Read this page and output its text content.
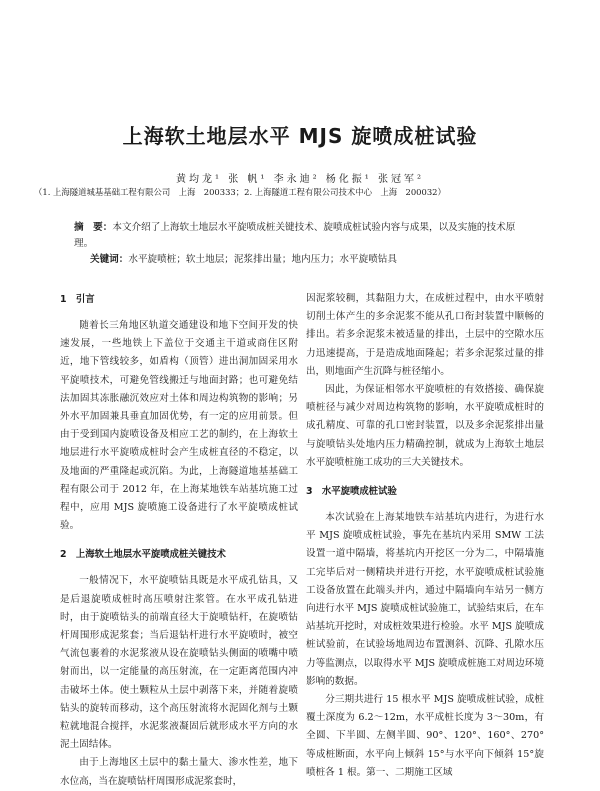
上海软土地层水平 MJS 旋喷成桩试验
黄均龙¹ 张 帆¹ 李永迪² 杨化振¹ 张冠军²
（1. 上海隧道城基基础工程有限公司　上海　200333；2. 上海隧道工程有限公司技术中心　上海　200032）
摘　要：本文介绍了上海软土地层水平旋喷成桩关键技术、旋喷成桩试验内容与成果，以及实施的技术原理。
关键词：水平旋喷桩；软土地层；泥浆排出量；地内压力；水平旋喷钻具

1　引言

随着长三角地区轨道交通建设和地下空间开发的快速发展，一些地铁上下盖位于交通主干道或商住区附近，地下管线较多，如盾构（顶管）进出洞加固采用水平旋喷技术，可避免管线搬迁与地面封路；也可避免结法加固其冻胀融沉效应对土体和周边构筑物的影响；另外水平加固兼具垂直加固优势，有一定的应用前景。但由于受到国内旋喷设备及相应工艺的制约，在上海软土地层进行水平旋喷成桩时会产生成桩直径的不稳定，以及地面的严重隆起或沉陷。为此，上海隧道地基基础工程有限公司于 2012 年，在上海某地铁车站基坑施工过程中，应用 MJS 旋喷施工设备进行了水平旋喷成桩试验。

2　上海软土地层水平旋喷成桩关键技术

一般情况下，水平旋喷钻具既是水平成孔钻具，又是后退旋喷成桩时高压喷射注浆管。在水平成孔钻进时，由于旋喷钻头的前端直径大于旋喷钻杆，在旋喷钻杆周围形成泥浆套；当后退钻杆进行水平旋喷时，被空气流包裹着的水泥浆液从设在旋喷钻头侧面的喷嘴中喷射而出，以一定能量的高压射流，在一定距离范围内冲击破坏土体。使土颗粒从土层中剥落下来，并随着旋喷钻头的旋转而移动，这个高压射流将水泥固化剂与土颗粒就地混合搅拌，水泥浆液凝固后就形成水平方向的水泥土固结体。

由于上海地区土层中的黏土量大、渗水性差，地下水位高，当在旋喷钻杆周围形成泥浆套时，

因泥浆较稠，其黏阻力大，在成桩过程中，由水平喷射切削土体产生的多余泥浆不能从孔口衔封装置中顺畅的排出。若多余泥浆未被适量的排出，土层中的空隙水压力迅速提高，于是造成地面隆起；若多余泥浆过量的排出，则地面产生沉降与桩径缩小。

因此，为保证相邻水平旋喷桩的有效搭接、确保旋喷桩径与减少对周边构筑物的影响，水平旋喷成桩时的成孔精度、可靠的孔口密封装置，以及多余泥浆排出量与旋喷钻头处地内压力精确控制，就成为上海软土地层水平旋喷桩施工成功的三大关键技术。

3　水平旋喷成桩试验

本次试验在上海某地铁车站基坑内进行，为进行水平 MJS 旋喷成桩试验，事先在基坑内采用 SMW 工法设置一道中隔墙，将基坑内开挖区一分为二，中隔墙施工完毕后对一侧精块并进行开挖，水平旋喷成桩试验施工设备放置在此端头并内，通过中隔墙向车站另一侧方向进行水平 MJS 旋喷成桩试验施工，试验结束后，在车站基坑开挖时，对成桩效果进行检验。水平 MJS 旋喷成桩试验前，在试验场地周边布置测斜、沉降、孔隙水压力等监测点，以取得水平 MJS 旋喷成桩施工对周边环境影响的数据。

分三期共进行 15 根水平 MJS 旋喷成桩试验，成桩覆土深度为 6.2～12m，水平成桩长度为 3～30m，有全圆、下半圆、左侧半圆、90°、120°、160°、270°等成桩断面，水平向上倾斜 15°与水平向下倾斜 15°旋喷桩各 1 根。第一、二期施工区域
